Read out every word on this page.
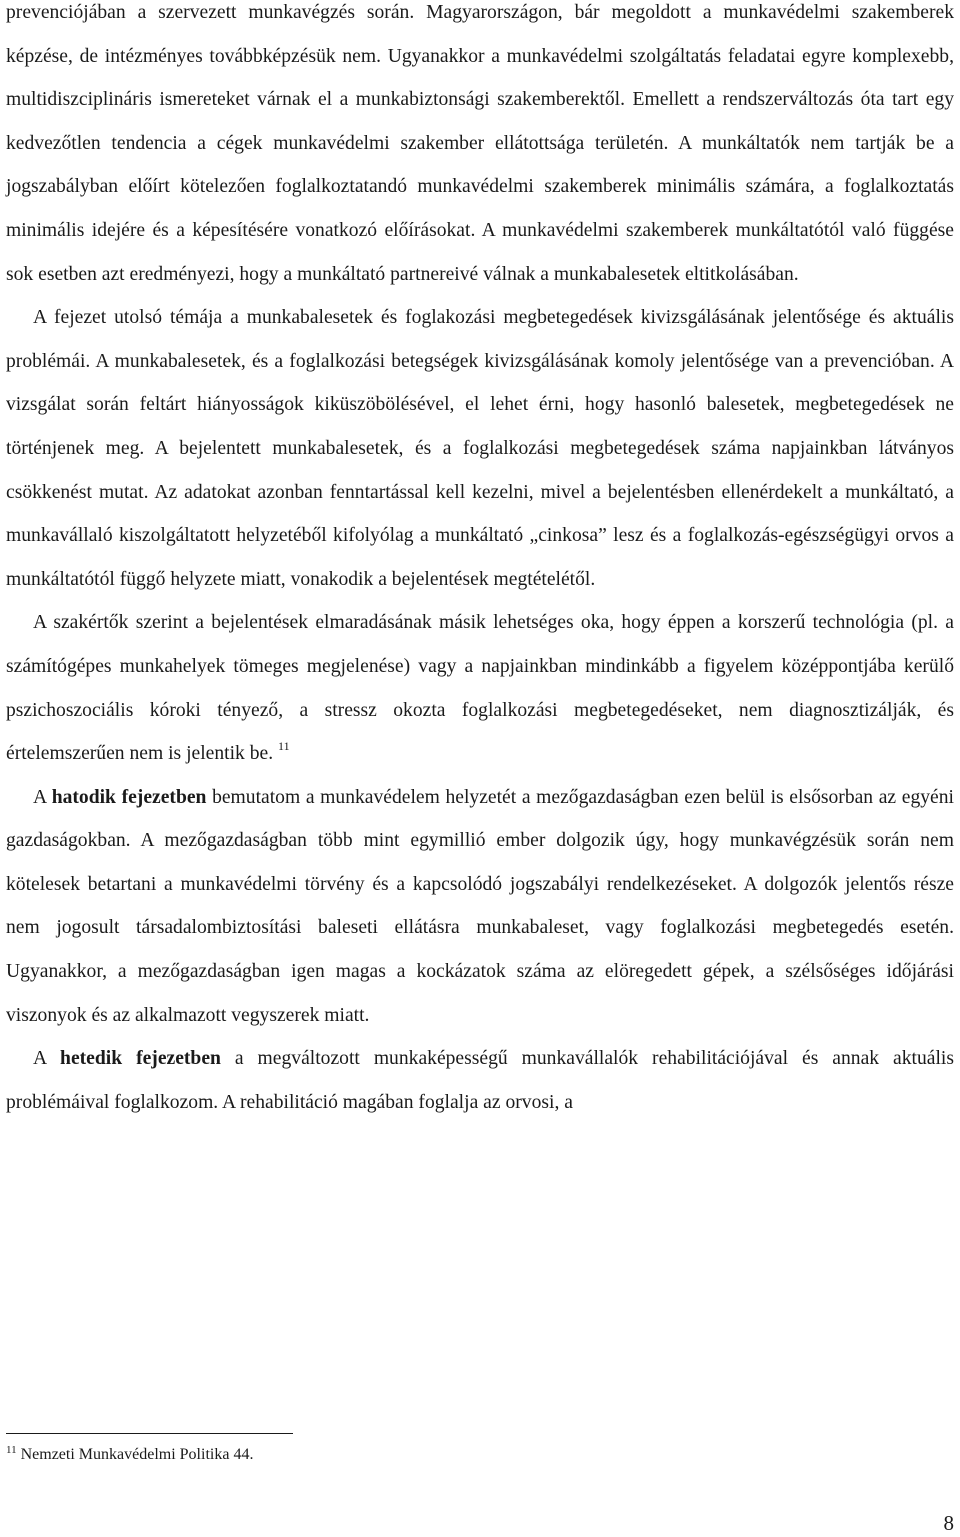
prevenciójában a szervezett munkavégzés során. Magyarországon, bár megoldott a munkavédelmi szakemberek képzése, de intézményes továbbképzésük nem. Ugyanakkor a munkavédelmi szolgáltatás feladatai egyre komplexebb, multidiszciplináris ismereteket várnak el a munkabiztonsági szakemberektől. Emellett a rendszerváltozás óta tart egy kedvezőtlen tendencia a cégek munkavédelmi szakember ellátottsága területén. A munkáltatók nem tartják be a jogszabályban előírt kötelezően foglalkoztatandó munkavédelmi szakemberek minimális számára, a foglalkoztatás minimális idejére és a képesítésére vonatkozó előírásokat. A munkavédelmi szakemberek munkáltatótól való függése sok esetben azt eredményezi, hogy a munkáltató partnereivé válnak a munkabalesetek eltitkolásában.

A fejezet utolsó témája a munkabalesetek és foglakozási megbetegedések kivizsgálásának jelentősége és aktuális problémái. A munkabalesetek, és a foglalkozási betegségek kivizsgálásának komoly jelentősége van a prevencióban. A vizsgálat során feltárt hiányosságok kiküszöbölésével, el lehet érni, hogy hasonló balesetek, megbetegedések ne történjenek meg. A bejelentett munkabalesetek, és a foglalkozási megbetegedések száma napjainkban látványos csökkenést mutat. Az adatokat azonban fenntartással kell kezelni, mivel a bejelentésben ellenérdekelt a munkáltató, a munkavállaló kiszolgáltatott helyzetéből kifolyólag a munkáltató „cinkosa” lesz és a foglalkozás-egészségügyi orvos a munkáltatótól függő helyzete miatt, vonakodik a bejelentések megtételétől.

A szakértők szerint a bejelentések elmaradásának másik lehetséges oka, hogy éppen a korszerű technológia (pl. a számítógépes munkahelyek tömeges megjelenése) vagy a napjainkban mindinkább a figyelem középpontjába kerülő pszichoszociális kóroki tényező, a stressz okozta foglalkozási megbetegedéseket, nem diagnosztizálják, és értelemszerűen nem is jelentik be. $^{11}$

A hatodik fejezetben bemutatom a munkavédelem helyzetét a mezőgazdaságban ezen belül is elsősorban az egyéni gazdaságokban. A mezőgazdaságban több mint egymillió ember dolgozik úgy, hogy munkavégzésük során nem kötelesek betartani a munkavédelmi törvény és a kapcsolódó jogszabályi rendelkezéseket. A dolgozók jelentős része nem jogosult társadalombiztosítási baleseti ellátásra munkabaleset, vagy foglalkozási megbetegedés esetén. Ugyanakkor, a mezőgazdaságban igen magas a kockázatok száma az elöregedett gépek, a szélsőséges időjárási viszonyok és az alkalmazott vegyszerek miatt.

A hetedik fejezetben a megváltozott munkaképességű munkavállalók rehabilitációjával és annak aktuális problémáival foglalkozom. A rehabilitáció magában foglalja az orvosi, a

$^{11}$ Nemzeti Munkavédelmi Politika 44.
8
